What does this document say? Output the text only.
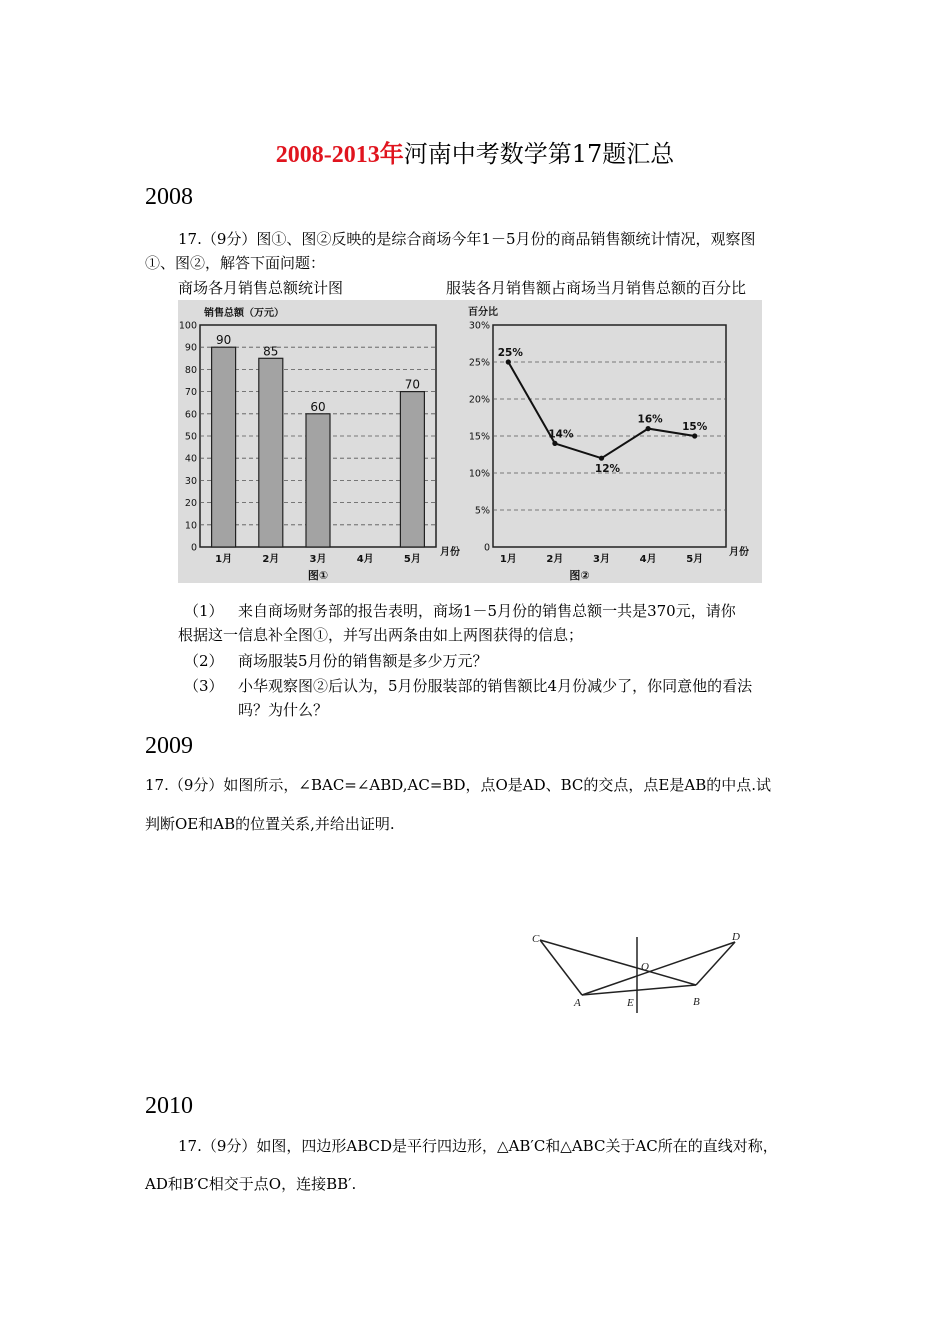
2008-2013年河南中考数学第17题汇总
2008
17.（9分）图①、图②反映的是综合商场今年1－5月份的商品销售额统计情况，观察图
①、图②，解答下面问题：
商场各月销售总额统计图	服装各月销售额占商场当月销售总额的百分比
0
10
20
30
40
50
60
70
80
90
100
销售总额（万元）
1月
90
2月
85
3月
60
4月	5月
70
月份
图①
0
5%
10%
15%
20%
25%
30%
百分比
1月
25%
2月
14%
3月
12%
4月
16%
5月
15%
月份
图②
（1） 来自商场财务部的报告表明，商场1－5月份的销售总额一共是370元，请你
根据这一信息补全图①，并写出两条由如上两图获得的信息；
（2） 商场服装5月份的销售额是多少万元？
（3） 小华观察图②后认为，5月份服装部的销售额比4月份减少了，你同意他的看法
吗？为什么？
2009
17.（9分）如图所示，∠BAC=∠ABD,AC=BD，点O是AD、BC的交点，点E是AB的中点.试
判断OE和AB的位置关系,并给出证明.
C	D
O
A	E	B
2010
17.（9分）如图，四边形ABCD是平行四边形，△AB′C和△ABC关于AC所在的直线对称，
AD和B′C相交于点O，连接BB′.
